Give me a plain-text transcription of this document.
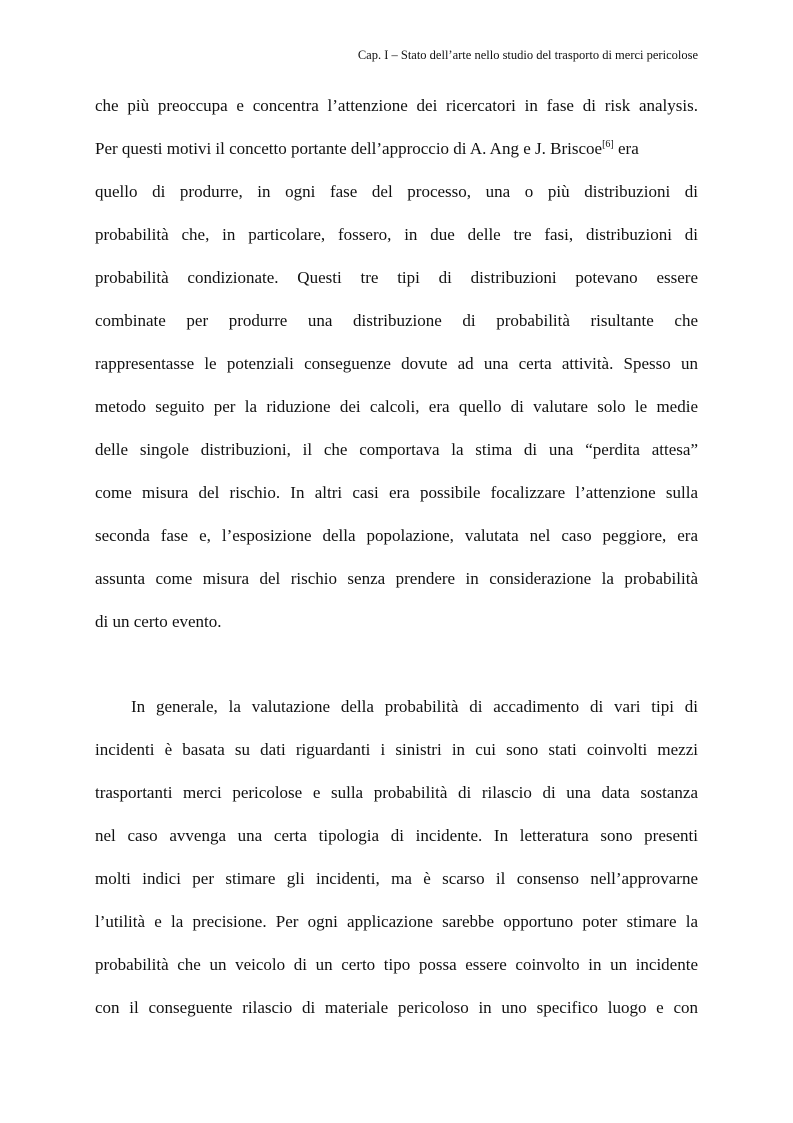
Cap. I – Stato dell’arte nello studio del trasporto di merci pericolose

che più preoccupa e concentra l’attenzione dei ricercatori in fase di risk analysis.

Per questi motivi il concetto portante dell’approccio di A. Ang e J. Briscoe[6] era

quello di produrre, in ogni fase del processo, una o più distribuzioni di

probabilità che, in particolare, fossero, in due delle tre fasi, distribuzioni di

probabilità condizionate. Questi tre tipi di distribuzioni potevano essere

combinate per produrre una distribuzione di probabilità risultante che

rappresentasse le potenziali conseguenze dovute ad una certa attività. Spesso un

metodo seguito per la riduzione dei calcoli, era quello di valutare solo le medie

delle singole distribuzioni, il che comportava la stima di una “perdita attesa”

come misura del rischio. In altri casi era possibile focalizzare l’attenzione sulla

seconda fase e, l’esposizione della popolazione, valutata nel caso peggiore, era

assunta come misura del rischio senza prendere in considerazione la probabilità

di un certo evento.

In generale, la valutazione della probabilità di accadimento di vari tipi di

incidenti è basata su dati riguardanti i sinistri in cui sono stati coinvolti mezzi

trasportanti merci pericolose e sulla probabilità di rilascio di una data sostanza

nel caso avvenga una certa tipologia di incidente. In letteratura sono presenti

molti indici per stimare gli incidenti, ma è scarso il consenso nell’approvarne

l’utilità e la precisione. Per ogni applicazione sarebbe opportuno poter stimare la

probabilità che un veicolo di un certo tipo possa essere coinvolto in un incidente

con il conseguente rilascio di materiale pericoloso in uno specifico luogo e con
